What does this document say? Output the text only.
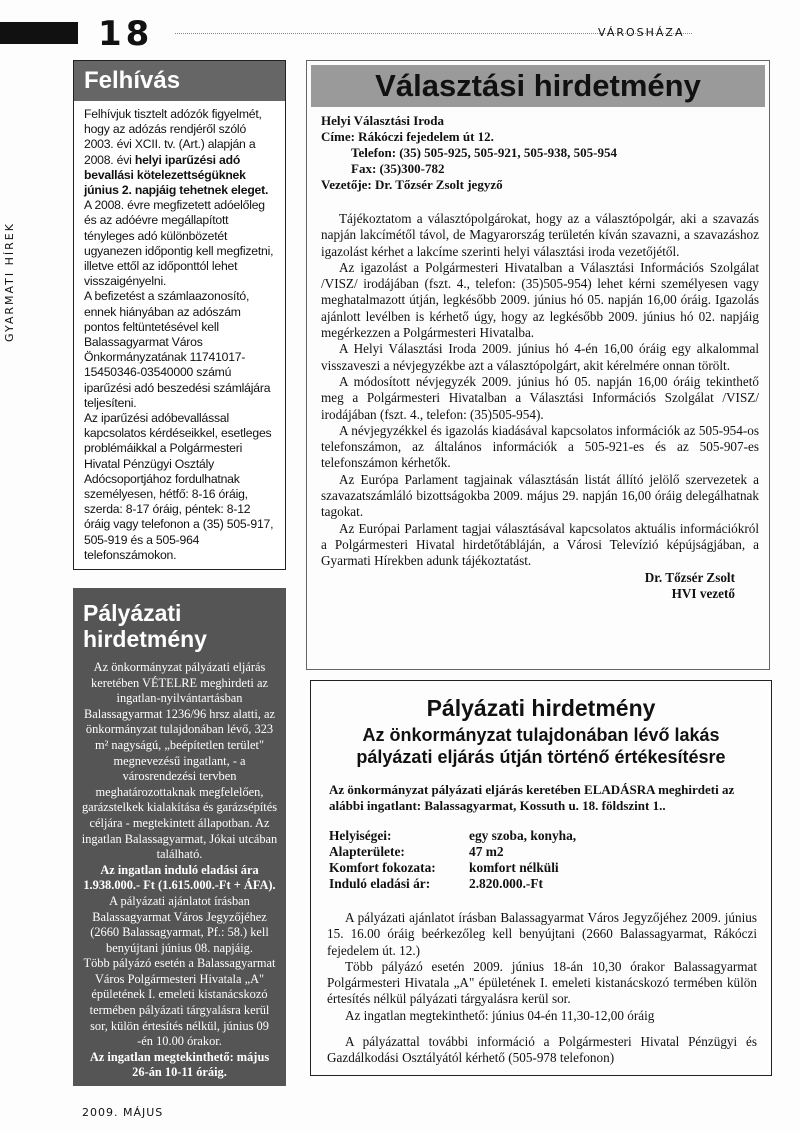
18	VÁROSHÁZA
GYARMATI HÍREK
Felhívás

Felhívjuk tisztelt adózók figyelmét, hogy az adózás rendjéről szóló 2003. évi XCII. tv. (Art.) alapján a 2008. évi helyi iparűzési adó bevallási kötelezettségüknek június 2. napjáig tehetnek eleget.

A 2008. évre megfizetett adóelőleg és az adóévre megállapított tényleges adó különbözetét ugyanezen időpontig kell megfizetni, illetve ettől az időponttól lehet visszaigényelni.

A befizetést a számlaazonosító, ennek hiányában az adószám pontos feltüntetésével kell Balassagyarmat Város Önkormányzatának 11741017-15450346-03540000 számú iparűzési adó beszedési számlájára teljesíteni.

Az iparűzési adóbevallással kapcsolatos kérdéseikkel, esetleges problémáikkal a Polgármesteri Hivatal Pénzügyi Osztály Adócsoportjához fordulhatnak személyesen, hétfő: 8-16 óráig, szerda: 8-17 óráig, péntek: 8-12 óráig vagy telefonon a (35) 505-917, 505-919 és a 505-964 telefonszámokon.

Pályázati
hirdetmény

Az önkormányzat pályázati eljárás keretében VÉTELRE meghirdeti az ingatlan-nyilvántartásban Balassagyarmat 1236/96 hrsz alatti, az önkormányzat tulajdonában lévő, 323 m² nagyságú, „beépítetlen terület" megnevezésű ingatlant, - a városrendezési tervben meghatározottaknak megfelelően, garázstelkek kialakítása és garázsépítés céljára - megtekintett állapotban. Az ingatlan Balassagyarmat, Jókai utcában található.

Az ingatlan induló eladási ára 1.938.000.- Ft (1.615.000.-Ft + ÁFA).

A pályázati ajánlatot írásban Balassagyarmat Város Jegyzőjéhez (2660 Balassagyarmat, Pf.: 58.) kell benyújtani június 08. napjáig.

Több pályázó esetén a Balassagyarmat Város Polgármesteri Hivatala „A" épületének I. emeleti kistanácskozó termében pályázati tárgyalásra kerül sor, külön értesítés nélkül, június 09 -én 10.00 órakor.

Az ingatlan megtekinthető: május 26-án 10-11 óráig.

Választási hirdetmény
Helyi Választási Iroda
Címe: Rákóczi fejedelem út 12.
Telefon: (35) 505-925, 505-921, 505-938, 505-954
Fax: (35)300-782
Vezetője: Dr. Tőzsér Zsolt jegyző

Tájékoztatom a választópolgárokat, hogy az a választópolgár, aki a szavazás napján lakcímétől távol, de Magyarország területén kíván szavazni, a szavazáshoz igazolást kérhet a lakcíme szerinti helyi választási iroda vezetőjétől.

Az igazolást a Polgármesteri Hivatalban a Választási Információs Szolgálat /VISZ/ irodájában (fszt. 4., telefon: (35)505-954) lehet kérni személyesen vagy meghatalmazott útján, legkésőbb 2009. június hó 05. napján 16,00 óráig. Igazolás ajánlott levélben is kérhető úgy, hogy az legkésőbb 2009. június hó 02. napjáig megérkezzen a Polgármesteri Hivatalba.

A Helyi Választási Iroda 2009. június hó 4-én 16,00 óráig egy alkalommal visszaveszi a névjegyzékbe azt a választópolgárt, akit kérelmére onnan törölt.

A módosított névjegyzék 2009. június hó 05. napján 16,00 óráig tekinthető meg a Polgármesteri Hivatalban a Választási Információs Szolgálat /VISZ/ irodájában (fszt. 4., telefon: (35)505-954).

A névjegyzékkel és igazolás kiadásával kapcsolatos információk az 505-954-os telefonszámon, az általános információk a 505-921-es és az 505-907-es telefonszámon kérhetők.

Az Európa Parlament tagjainak választásán listát állító jelölő szervezetek a szavazatszámláló bizottságokba 2009. május 29. napján 16,00 óráig delegálhatnak tagokat.

Az Európai Parlament tagjai választásával kapcsolatos aktuális információkról a Polgármesteri Hivatal hirdetőtábláján, a Városi Televízió képújságjában, a Gyarmati Hírekben adunk tájékoztatást.

Dr. Tőzsér Zsolt
HVI vezető
Pályázati hirdetmény
Az önkormányzat tulajdonában lévő lakás
pályázati eljárás útján történő értékesítésre
Az önkormányzat pályázati eljárás keretében ELADÁSRA meghirdeti az alábbi ingatlant: Balassagyarmat, Kossuth u. 18. földszint 1..
Helyiségei:	egy szoba, konyha,
Alapterülete:	47 m2
Komfort fokozata:	komfort nélküli
Induló eladási ár:	2.820.000.-Ft

A pályázati ajánlatot írásban Balassagyarmat Város Jegyzőjéhez 2009. június 15. 16.00 óráig beérkezőleg kell benyújtani (2660 Balassagyarmat, Rákóczi fejedelem út. 12.)

Több pályázó esetén 2009. június 18-án 10,30 órakor Balassagyarmat Polgármesteri Hivatala „A" épületének I. emeleti kistanácskozó termében külön értesítés nélkül pályázati tárgyalásra kerül sor.

Az ingatlan megtekinthető: június 04-én 11,30-12,00 óráig

A pályázattal további információ a Polgármesteri Hivatal Pénzügyi és Gazdálkodási Osztályától kérhető (505-978 telefonon)

2009. MÁJUS
